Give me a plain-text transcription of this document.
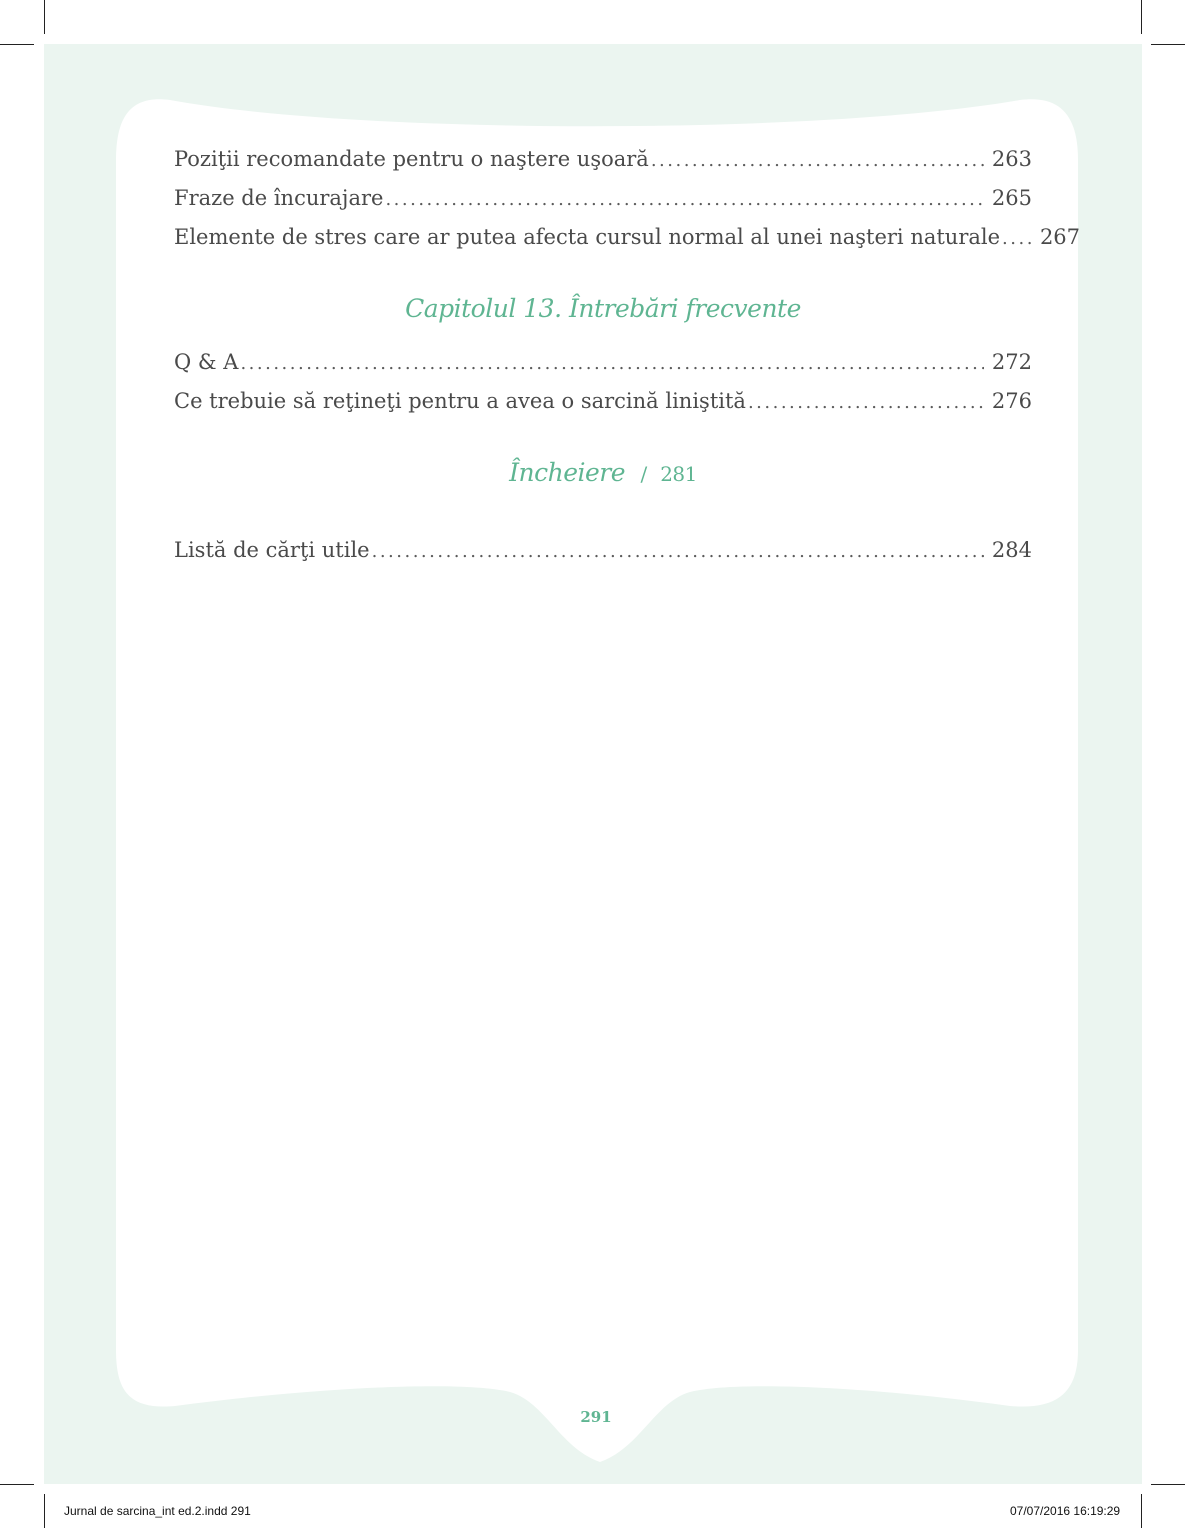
Poziţii recomandate pentru o naştere uşoară .....	263
Fraze de încurajare .....	265
Elemente de stres care ar putea afecta cursul normal al unei naşteri naturale ..... 267
Capitolul 13. Întrebări frecvente
Q & A .....	272
Ce trebuie să reţineţi pentru a avea o sarcină liniştită .....	276
Încheiere / 281
Listă de cărţi utile .....	284
291
Jurnal de sarcina_int ed.2.indd 291	07/07/2016 16:19:29
